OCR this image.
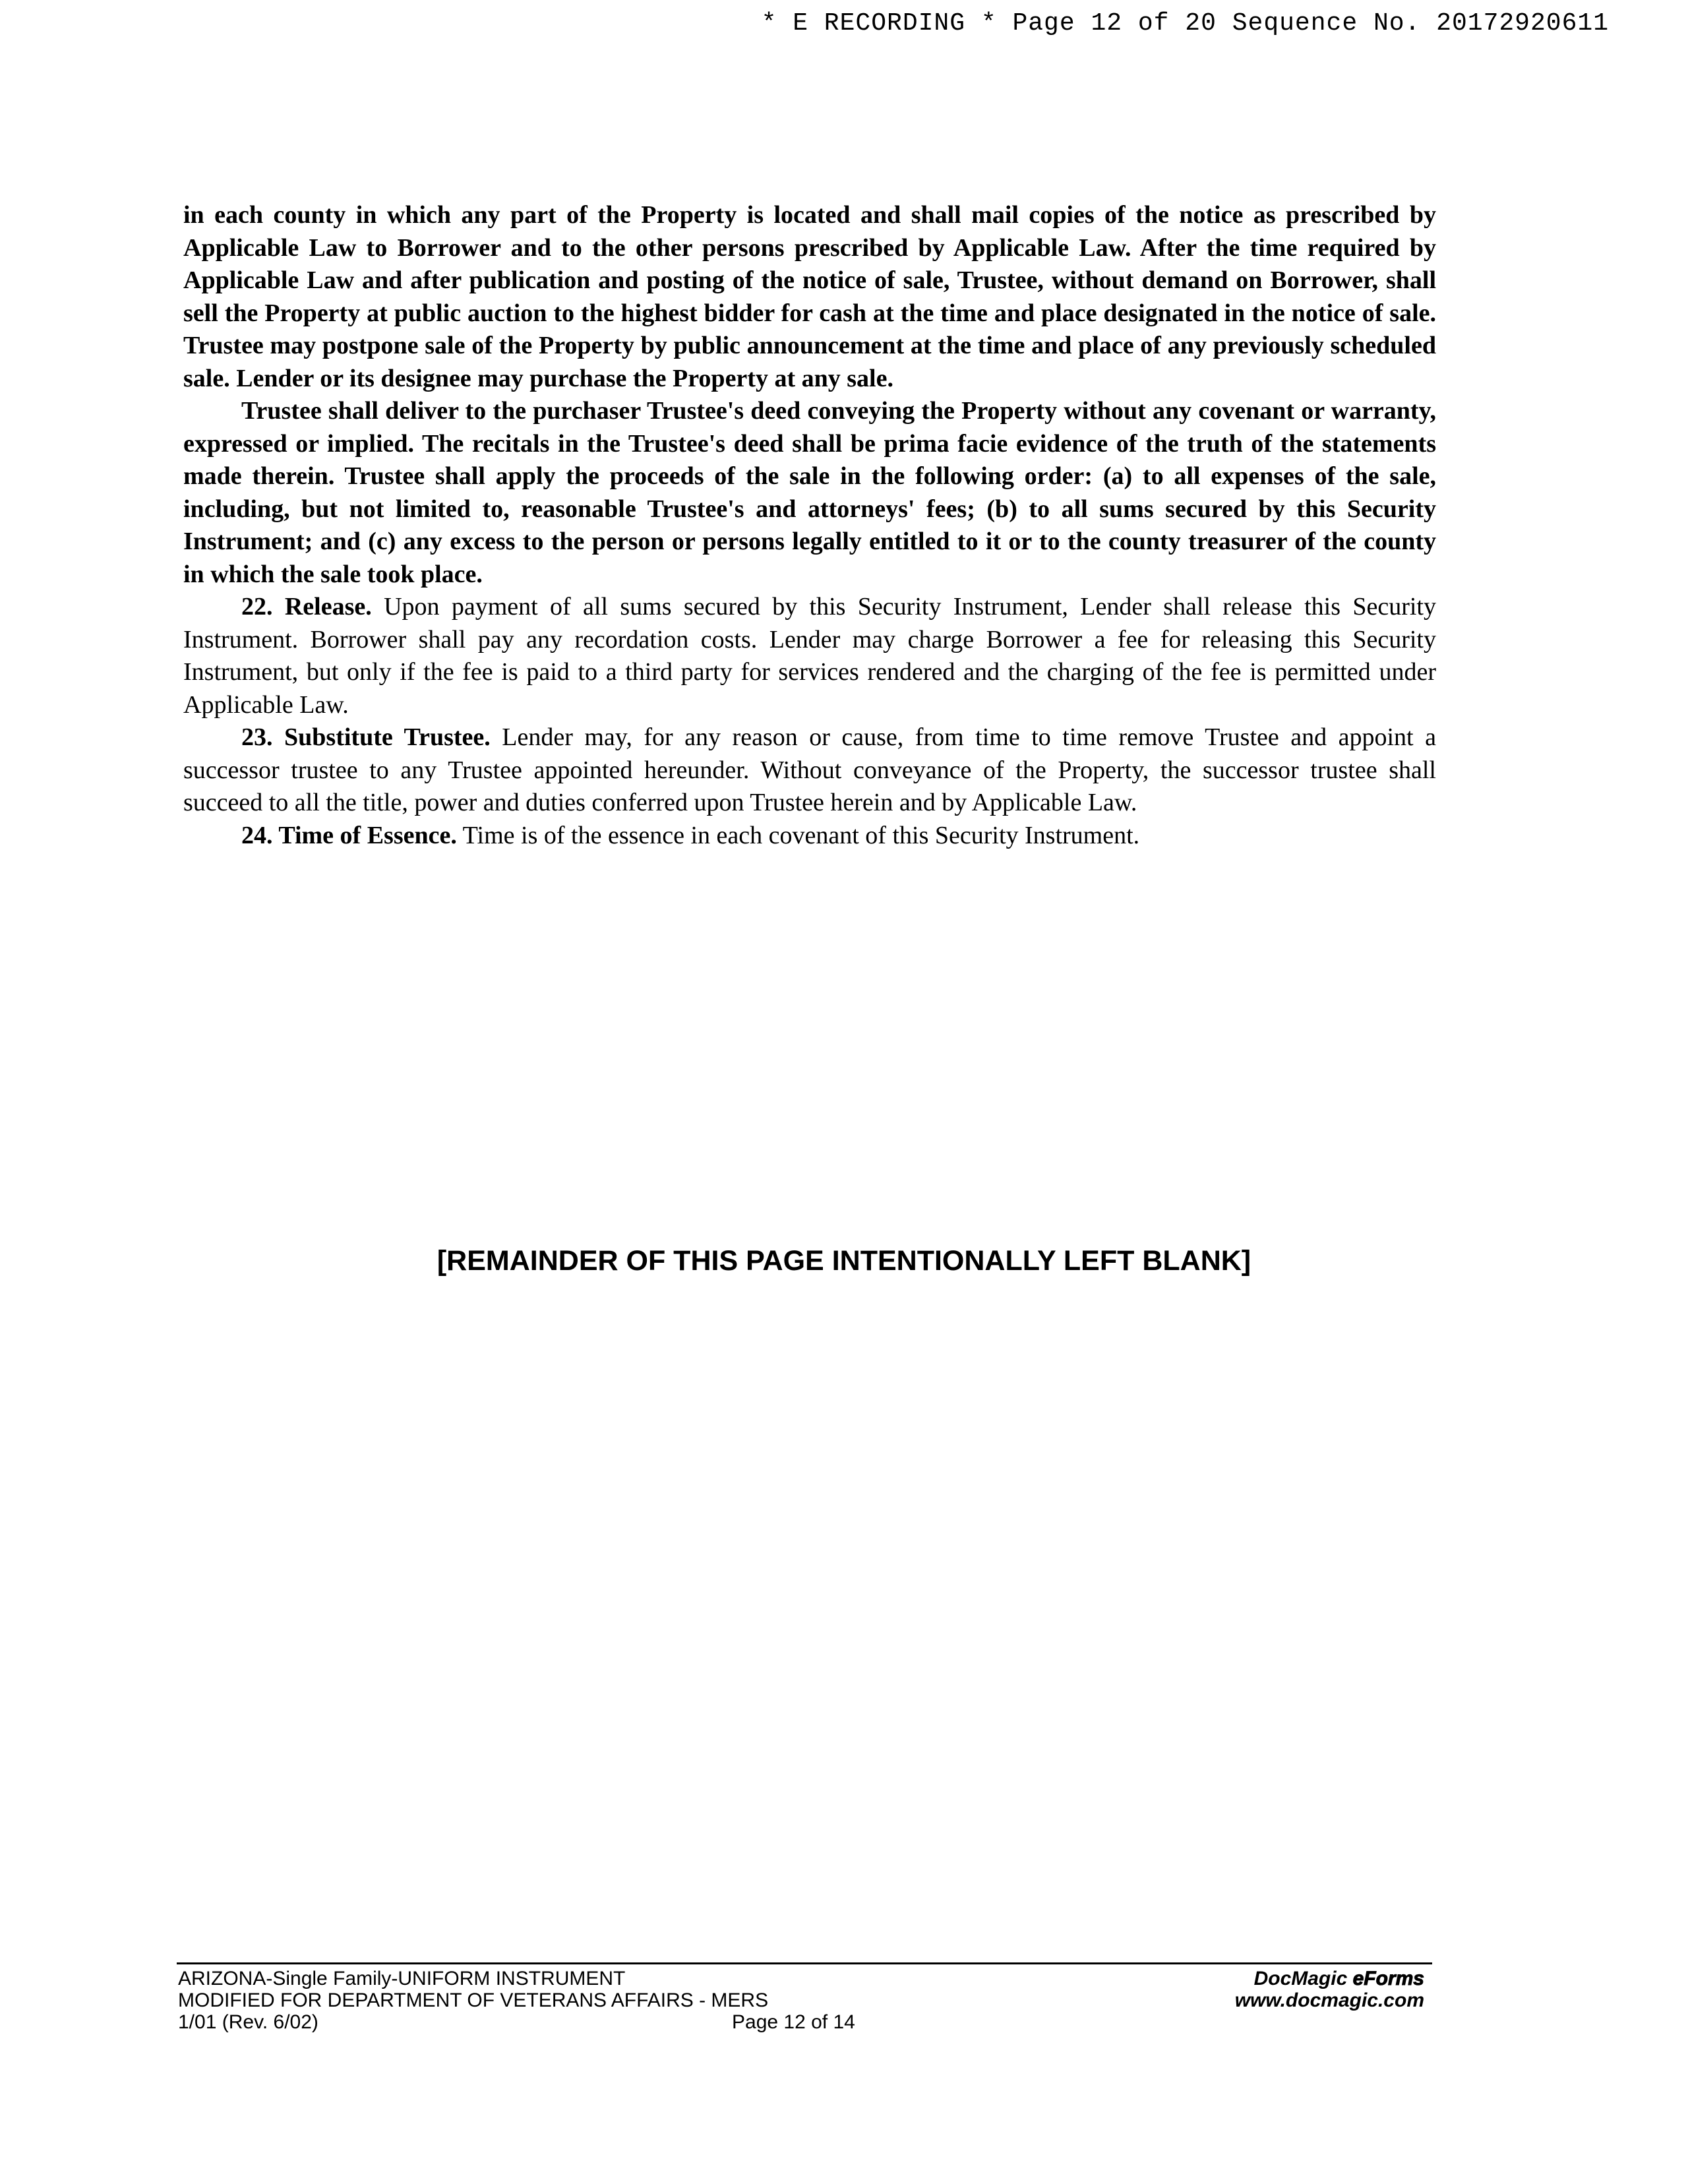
* E RECORDING * Page 12 of 20 Sequence No. 20172920611

in each county in which any part of the Property is located and shall mail copies of the notice as prescribed by Applicable Law to Borrower and to the other persons prescribed by Applicable Law. After the time required by Applicable Law and after publication and posting of the notice of sale, Trustee, without demand on Borrower, shall sell the Property at public auction to the highest bidder for cash at the time and place designated in the notice of sale. Trustee may postpone sale of the Property by public announcement at the time and place of any previously scheduled sale. Lender or its designee may purchase the Property at any sale.

Trustee shall deliver to the purchaser Trustee's deed conveying the Property without any covenant or warranty, expressed or implied. The recitals in the Trustee's deed shall be prima facie evidence of the truth of the statements made therein. Trustee shall apply the proceeds of the sale in the following order: (a) to all expenses of the sale, including, but not limited to, reasonable Trustee's and attorneys' fees; (b) to all sums secured by this Security Instrument; and (c) any excess to the person or persons legally entitled to it or to the county treasurer of the county in which the sale took place.

22. Release. Upon payment of all sums secured by this Security Instrument, Lender shall release this Security Instrument. Borrower shall pay any recordation costs. Lender may charge Borrower a fee for releasing this Security Instrument, but only if the fee is paid to a third party for services rendered and the charging of the fee is permitted under Applicable Law.

23. Substitute Trustee. Lender may, for any reason or cause, from time to time remove Trustee and appoint a successor trustee to any Trustee appointed hereunder. Without conveyance of the Property, the successor trustee shall succeed to all the title, power and duties conferred upon Trustee herein and by Applicable Law.

24. Time of Essence. Time is of the essence in each covenant of this Security Instrument.

[REMAINDER OF THIS PAGE INTENTIONALLY LEFT BLANK]
ARIZONA-Single Family-UNIFORM INSTRUMENT
MODIFIED FOR DEPARTMENT OF VETERANS AFFAIRS - MERS
1/01 (Rev. 6/02)	Page 12 of 14
DocMagic eForms
www.docmagic.com
